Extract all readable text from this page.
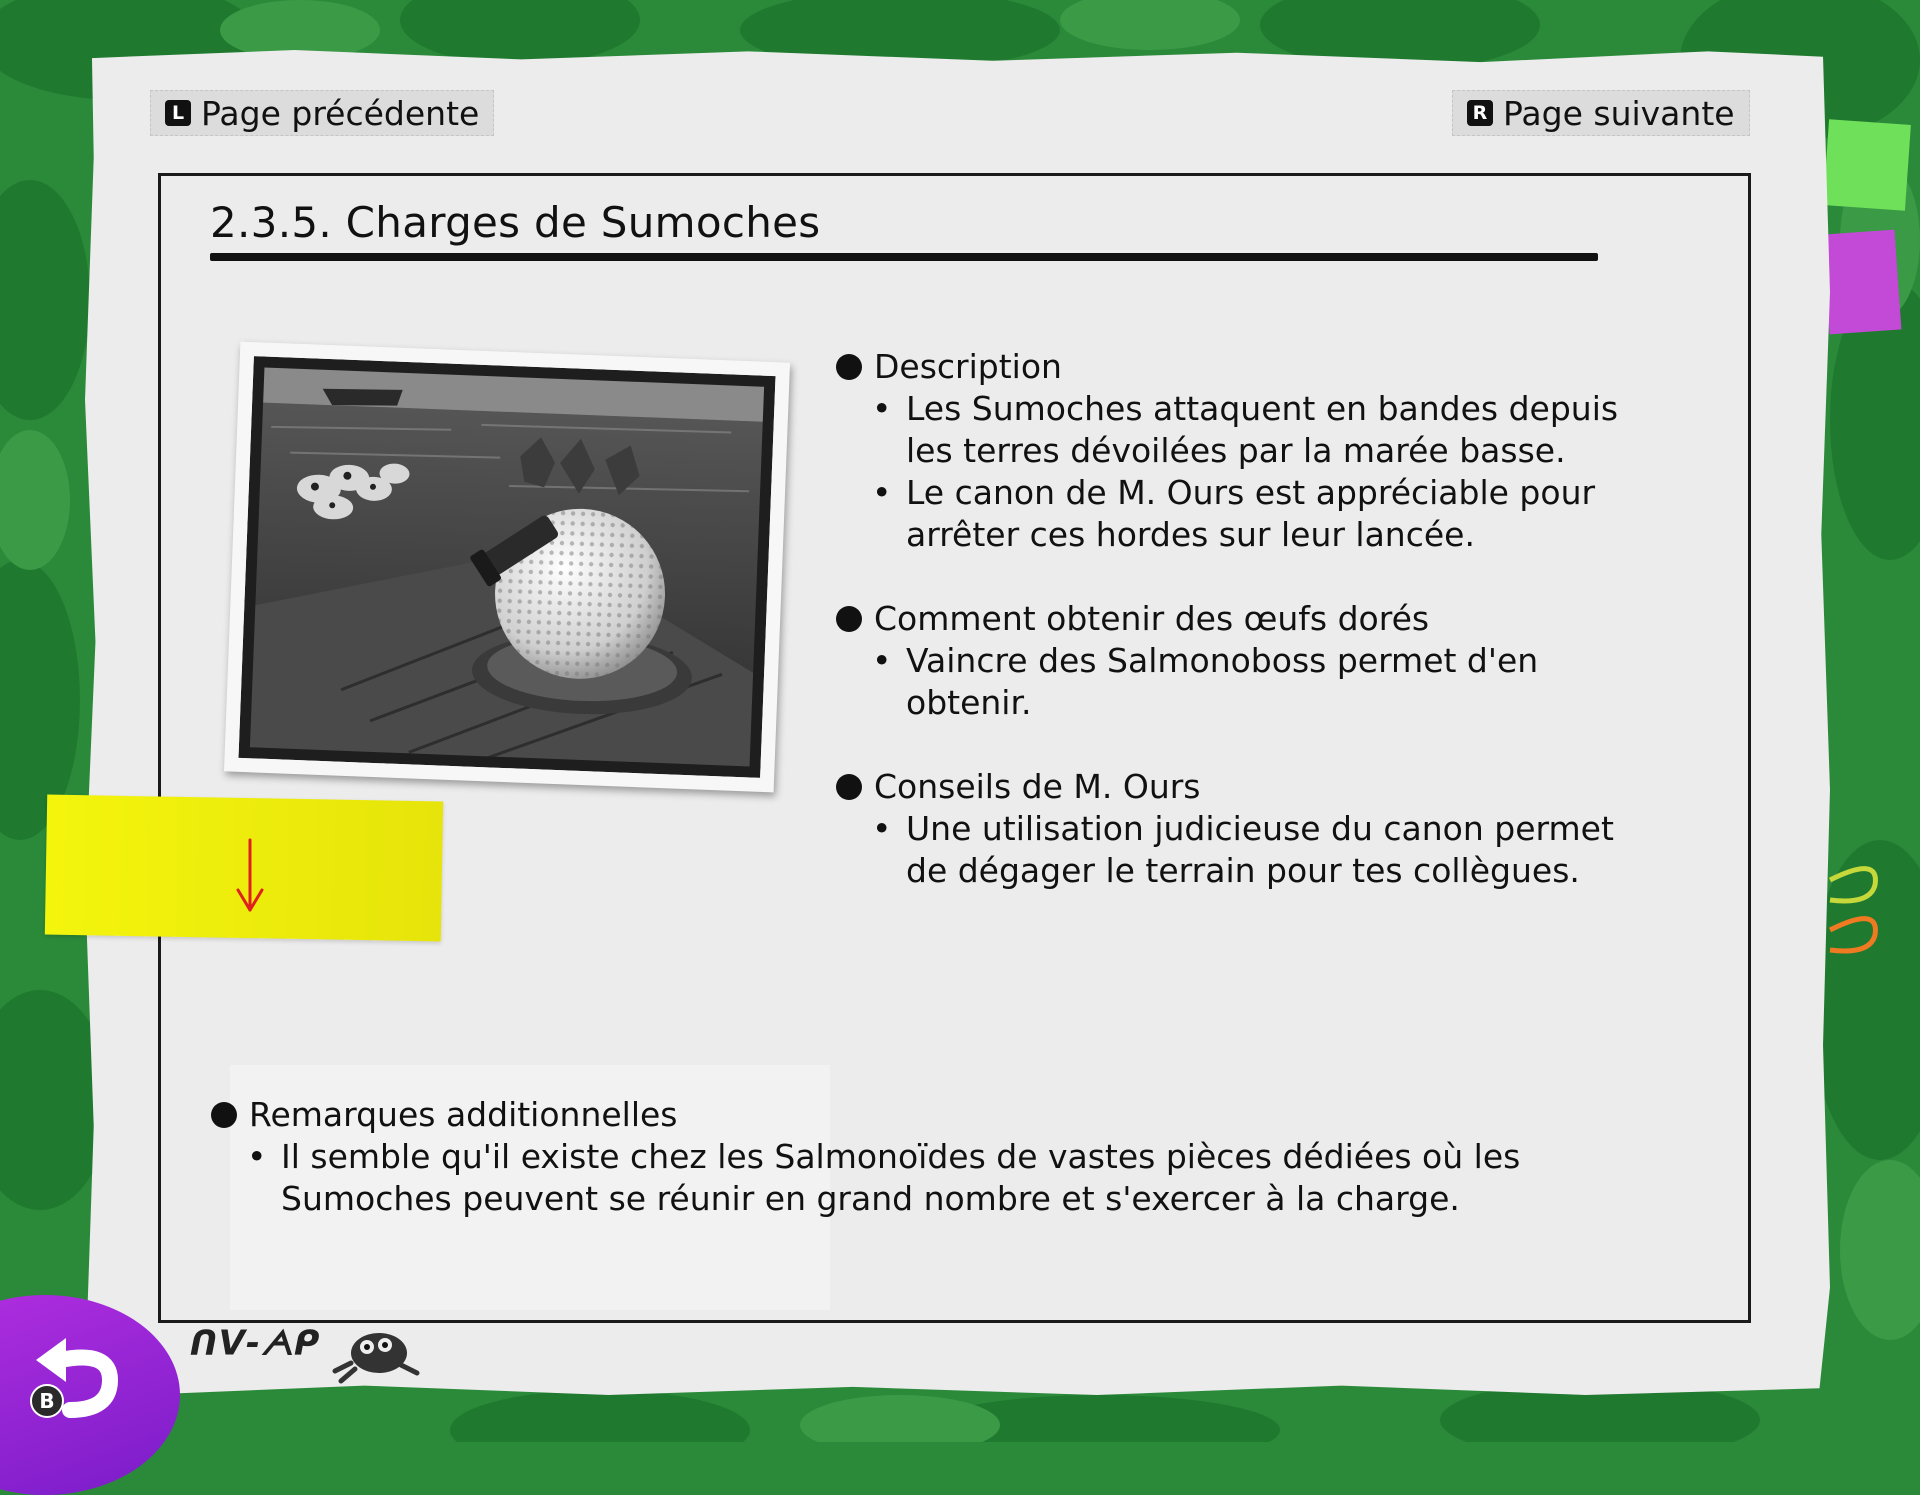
L Page précédente	R Page suivante
2.3.5. Charges de Sumoches
Description
• Les Sumoches attaquent en bandes depuis les terres dévoilées par la marée basse.
• Le canon de M. Ours est appréciable pour arrêter ces hordes sur leur lancée.
Comment obtenir des œufs dorés
• Vaincre des Salmonoboss permet d'en obtenir.
Conseils de M. Ours
• Une utilisation judicieuse du canon permet de dégager le terrain pour tes collègues.
Remarques additionnelles
• Il semble qu'il existe chez les Salmonoïdes de vastes pièces dédiées où les Sumoches peuvent se réunir en grand nombre et s'exercer à la charge.
ᑎᐯ-ᗅᑭ
B
